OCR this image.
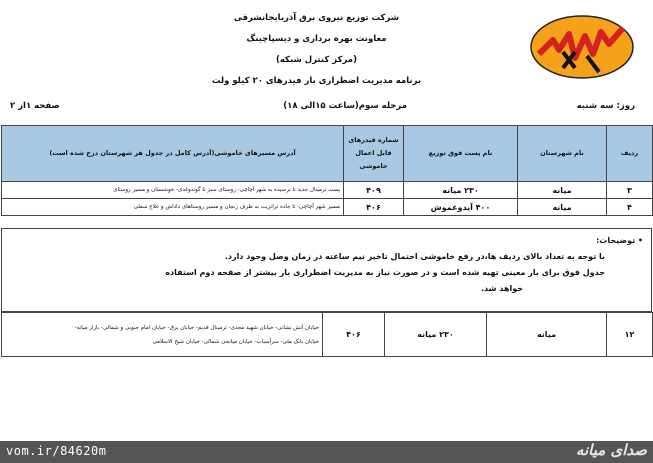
شرکت توزیع نیروی برق آذربایجانشرقی
معاونت بهره برداری و دیسپاچینگ
(مرکز کنترل شبکه)
برنامه مدیریت اضطراری بار فیدرهای ۲۰ کیلو ولت
روز: سه شنبه
مرحله سوم(ساعت ۱۵الی ۱۸)
صفحه ۱از ۲
ردیف	نام شهرستان	نام پست فوق توزیع	شماره فیدرهای قابل اعمال خاموشی	آدرس مسیرهای خاموشی(آدرس کامل در جدول هر شهرستان درج شده است)
۳	میانه	۲۳۰ میانه	۴۰۹	پست ترمینال جدید تا ترسیده به شهر آچاچی- روستای سبز تا گوندوغدی- خوشستان و مسیر روستای
۴	میانه	۴۰۰ آیدوغموش	۴۰۶	مسیر شهر آچاچی- تا جاده ترانزیت به طرف زنجان و مسیر روستاهای داداش و علاج سفلی
• توضیحات:
با توجه به تعداد بالای ردیف ها،در رفع خاموشی احتمال تاخیر نیم ساعته در زمان وصل وجود دارد.
جدول فوق برای بار معینی تهیه شده است و در صورت نیاز به مدیریت اضطراری بار بیشتر از صفحه دوم استفاده
خواهد شد.
۱۲	میانه	۲۳۰ میانه	۴۰۶	
خیابان آتش نشانی- خیابان شهید مجدی- ترمینال قدیم- خیابان برق- خیابان امام جنوبی و شمالی- بازار میانه-
خیابان بانک ملی- سرآسیاب- خیابان میانجی شمالی- خیابان شیخ الاسلامی
vom.ir/84620m	صدای میانه
